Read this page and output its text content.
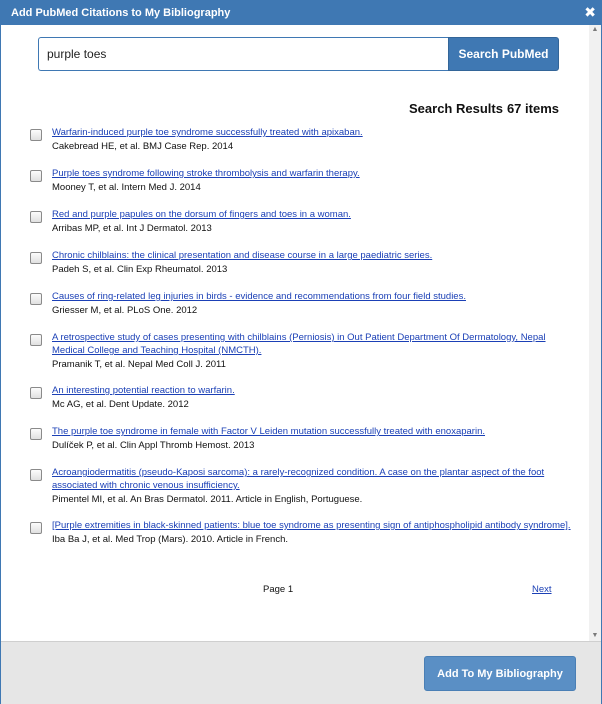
Add PubMed Citations to My Bibliography	✖
purple toes
Search PubMed
Search Results 67 items
Warfarin-induced purple toe syndrome successfully treated with apixaban.
Cakebread HE, et al. BMJ Case Rep. 2014
Purple toes syndrome following stroke thrombolysis and warfarin therapy.
Mooney T, et al. Intern Med J. 2014
Red and purple papules on the dorsum of fingers and toes in a woman.
Arribas MP, et al. Int J Dermatol. 2013
Chronic chilblains: the clinical presentation and disease course in a large paediatric series.
Padeh S, et al. Clin Exp Rheumatol. 2013
Causes of ring-related leg injuries in birds - evidence and recommendations from four field studies.
Griesser M, et al. PLoS One. 2012
A retrospective study of cases presenting with chilblains (Perniosis) in Out Patient Department Of Dermatology, Nepal Medical College and Teaching Hospital (NMCTH).
Pramanik T, et al. Nepal Med Coll J. 2011
An interesting potential reaction to warfarin.
Mc AG, et al. Dent Update. 2012
The purple toe syndrome in female with Factor V Leiden mutation successfully treated with enoxaparin.
Dulíček P, et al. Clin Appl Thromb Hemost. 2013
Acroangiodermatitis (pseudo-Kaposi sarcoma): a rarely-recognized condition. A case on the plantar aspect of the foot associated with chronic venous insufficiency.
Pimentel MI, et al. An Bras Dermatol. 2011. Article in English, Portuguese.
[Purple extremities in black-skinned patients: blue toe syndrome as presenting sign of antiphospholipid antibody syndrome].
Iba Ba J, et al. Med Trop (Mars). 2010. Article in French.
Page 1	Next
▲
▼
Add To My Bibliography
